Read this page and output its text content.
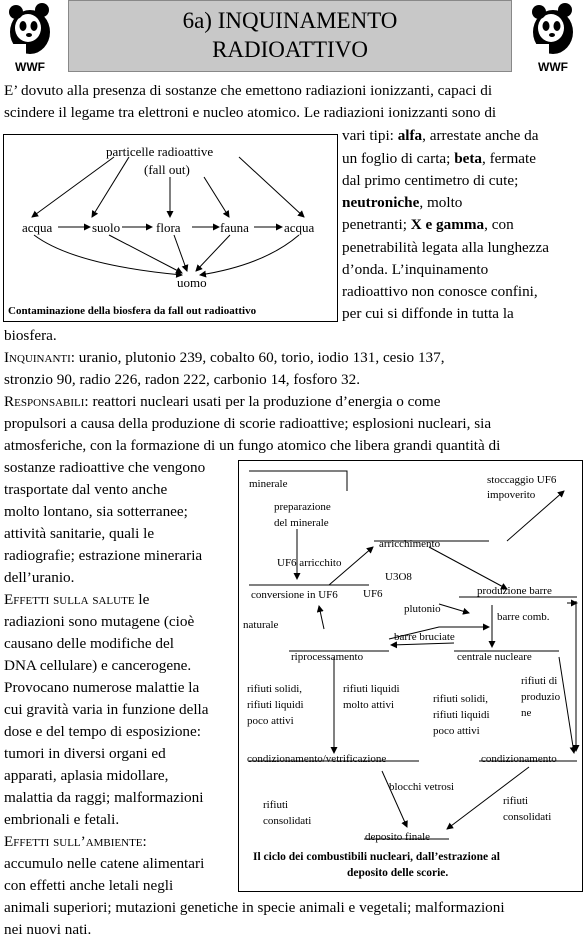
WWF
6a) INQUINAMENTO
RADIOATTIVO
WWF
E’ dovuto alla presenza di sostanze che emettono radiazioni ionizzanti, capaci di
scindere il legame tra elettroni e nucleo atomico. Le radiazioni ionizzanti sono di
particelle radioattive
(fall out)
acqua	suolo	flora	fauna	acqua
uomo
Contaminazione della biosfera da fall out radioattivo
vari tipi: alfa, arrestate anche da
un foglio di carta; beta, fermate
dal primo centimetro di cute;
neutroniche, molto
penetranti; X e gamma, con
penetrabilità legata alla lunghezza
d’onda. L’inquinamento
radioattivo non conosce confini,
per cui si diffonde in tutta la
biosfera.
Inquinanti: uranio, plutonio 239, cobalto 60, torio, iodio 131, cesio 137,
stronzio 90, radio 226, radon 222, carbonio 14, fosforo 32.
Responsabili: reattori nucleari usati per la produzione d’energia o come
propulsori a causa della produzione di scorie radioattive; esplosioni nucleari, sia
atmosferiche, con la formazione di un fungo atomico che libera grandi quantità di
sostanze radioattive che vengono
trasportate dal vento anche
molto lontano, sia sotterranee;
attività sanitarie, quali le
radiografie; estrazione mineraria
dell’uranio.
Effetti sulla salute le
radiazioni sono mutagene (cioè
causano delle modifiche del
DNA cellulare) e cancerogene.
Provocano numerose malattie la
cui gravità varia in funzione della
dose e del tempo di esposizione:
tumori in diversi organi ed
apparati, aplasia midollare,
malattia da raggi; malformazioni
embrionali e fetali.
Effetti sull’ambiente:
accumulo nelle catene alimentari
con effetti anche letali negli
animali superiori; mutazioni genetiche in specie animali e vegetali; malformazioni
nei nuovi nati.
minerale
preparazione
del minerale
UF6 arricchito
arricchimento
stoccaggio UF6
impoverito
U3O8
conversione in UF6 UF6
plutonio
produzione barre
barre comb.
naturale
barre bruciate
riprocessamento	centrale nucleare
rifiuti solidi,
rifiuti liquidi
poco attivi
rifiuti liquidi
molto attivi	rifiuti solidi,
rifiuti liquidi
poco attivi
rifiuti di
produzio
ne
condizionamento/vetrificazione	condizionamento
blocchi vetrosi
rifiuti
consolidati
rifiuti
consolidati
deposito finale
Il ciclo dei combustibili nucleari, dall’estrazione al
deposito delle scorie.
